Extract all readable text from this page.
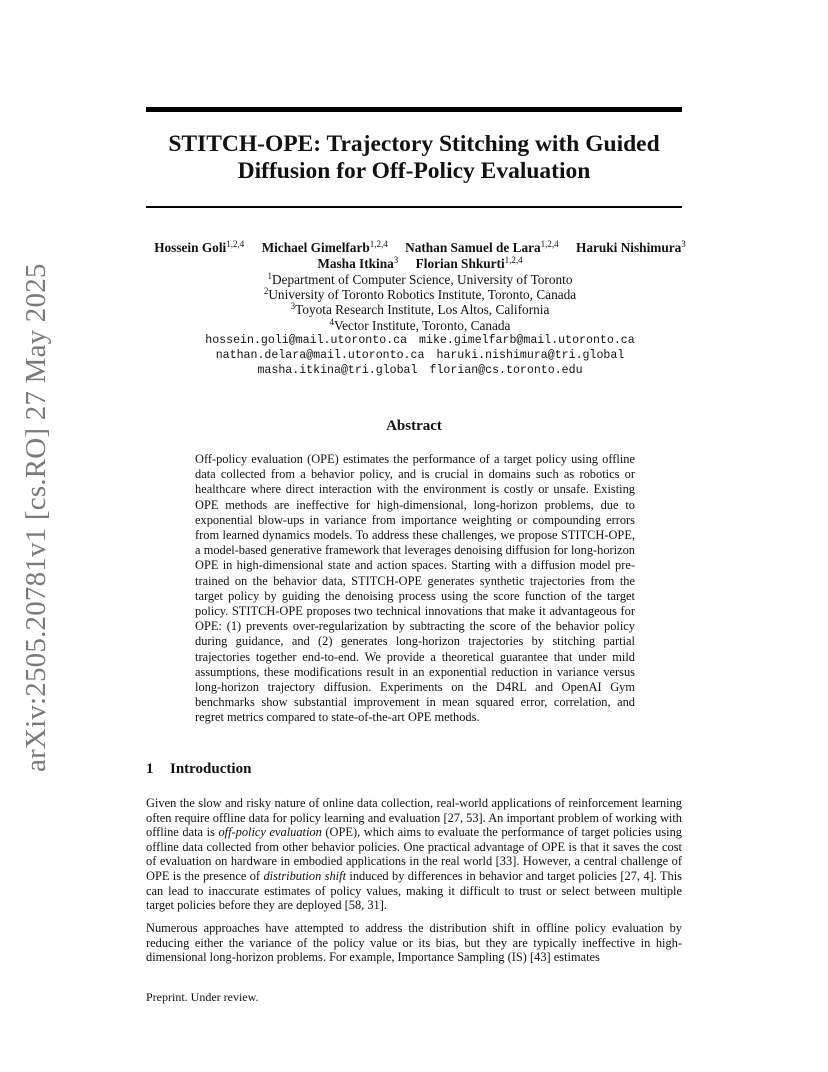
arXiv:2505.20781v1 [cs.RO] 27 May 2025
STITCH-OPE: Trajectory Stitching with Guided
Diffusion for Off-Policy Evaluation
Hossein Goli$^{1,2,4}$ Michael Gimelfarb$^{1,2,4}$ Nathan Samuel de Lara$^{1,2,4}$ Haruki Nishimura$^3$
Masha Itkina$^3$ Florian Shkurti$^{1,2,4}$
$^1$Department of Computer Science, University of Toronto
$^2$University of Toronto Robotics Institute, Toronto, Canada
$^3$Toyota Research Institute, Los Altos, California
$^4$Vector Institute, Toronto, Canada
hossein.goli@mail.utoronto.ca mike.gimelfarb@mail.utoronto.ca
nathan.delara@mail.utoronto.ca haruki.nishimura@tri.global
masha.itkina@tri.global florian@cs.toronto.edu
Abstract
Off-policy evaluation (OPE) estimates the performance of a target policy using offline data collected from a behavior policy, and is crucial in domains such as robotics or healthcare where direct interaction with the environment is costly or unsafe. Existing OPE methods are ineffective for high-dimensional, long-horizon problems, due to exponential blow-ups in variance from importance weighting or compounding errors from learned dynamics models. To address these challenges, we propose STITCH-OPE, a model-based generative framework that leverages denoising diffusion for long-horizon OPE in high-dimensional state and action spaces. Starting with a diffusion model pre-trained on the behavior data, STITCH-OPE generates synthetic trajectories from the target policy by guiding the denoising process using the score function of the target policy. STITCH-OPE proposes two technical innovations that make it advantageous for OPE: (1) prevents over-regularization by subtracting the score of the behavior policy during guidance, and (2) generates long-horizon trajectories by stitching partial trajectories together end-to-end. We provide a theoretical guarantee that under mild assumptions, these modifications result in an exponential reduction in variance versus long-horizon trajectory diffusion. Experiments on the D4RL and OpenAI Gym benchmarks show substantial improvement in mean squared error, correlation, and regret metrics compared to state-of-the-art OPE methods.
1 Introduction
Given the slow and risky nature of online data collection, real-world applications of reinforcement learning often require offline data for policy learning and evaluation [27, 53]. An important problem of working with offline data is off-policy evaluation (OPE), which aims to evaluate the performance of target policies using offline data collected from other behavior policies. One practical advantage of OPE is that it saves the cost of evaluation on hardware in embodied applications in the real world [33]. However, a central challenge of OPE is the presence of distribution shift induced by differences in behavior and target policies [27, 4]. This can lead to inaccurate estimates of policy values, making it difficult to trust or select between multiple target policies before they are deployed [58, 31].
Numerous approaches have attempted to address the distribution shift in offline policy evaluation by reducing either the variance of the policy value or its bias, but they are typically ineffective in high-dimensional long-horizon problems. For example, Importance Sampling (IS) [43] estimates
Preprint. Under review.
